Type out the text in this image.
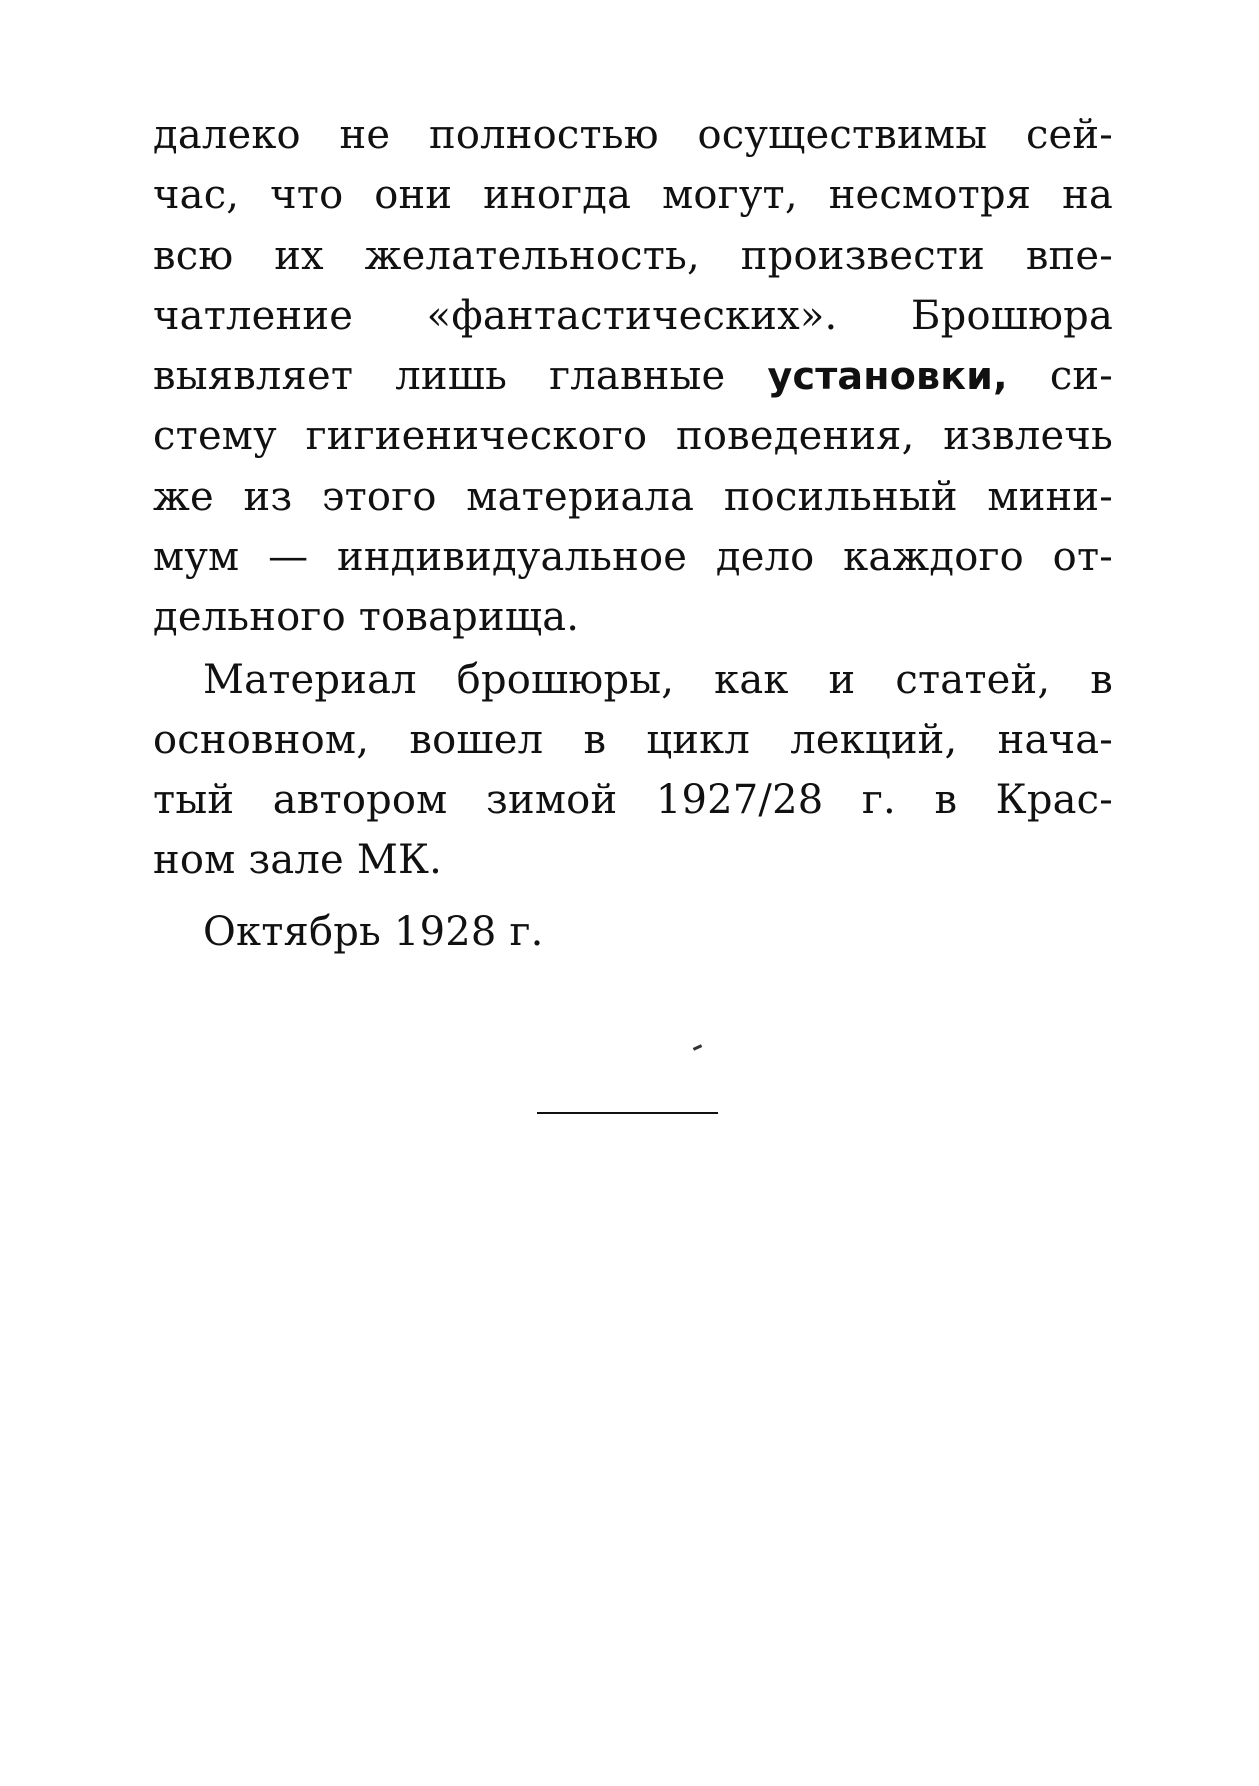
далеко не полностью осуществимы сей-
час, что они иногда могут, несмотря на
всю их желательность, произвести впе-
чатление «фантастических». Брошюра
выявляет лишь главные установки, си-
стему гигиенического поведения, извлечь
же из этого материала посильный мини-
мум — индивидуальное дело каждого от-
дельного товарища.
Материал брошюры, как и статей, в
основном, вошел в цикл лекций, нача-
тый автором зимой 1927/28 г. в Крас-
ном зале МК.
Октябрь 1928 г.
